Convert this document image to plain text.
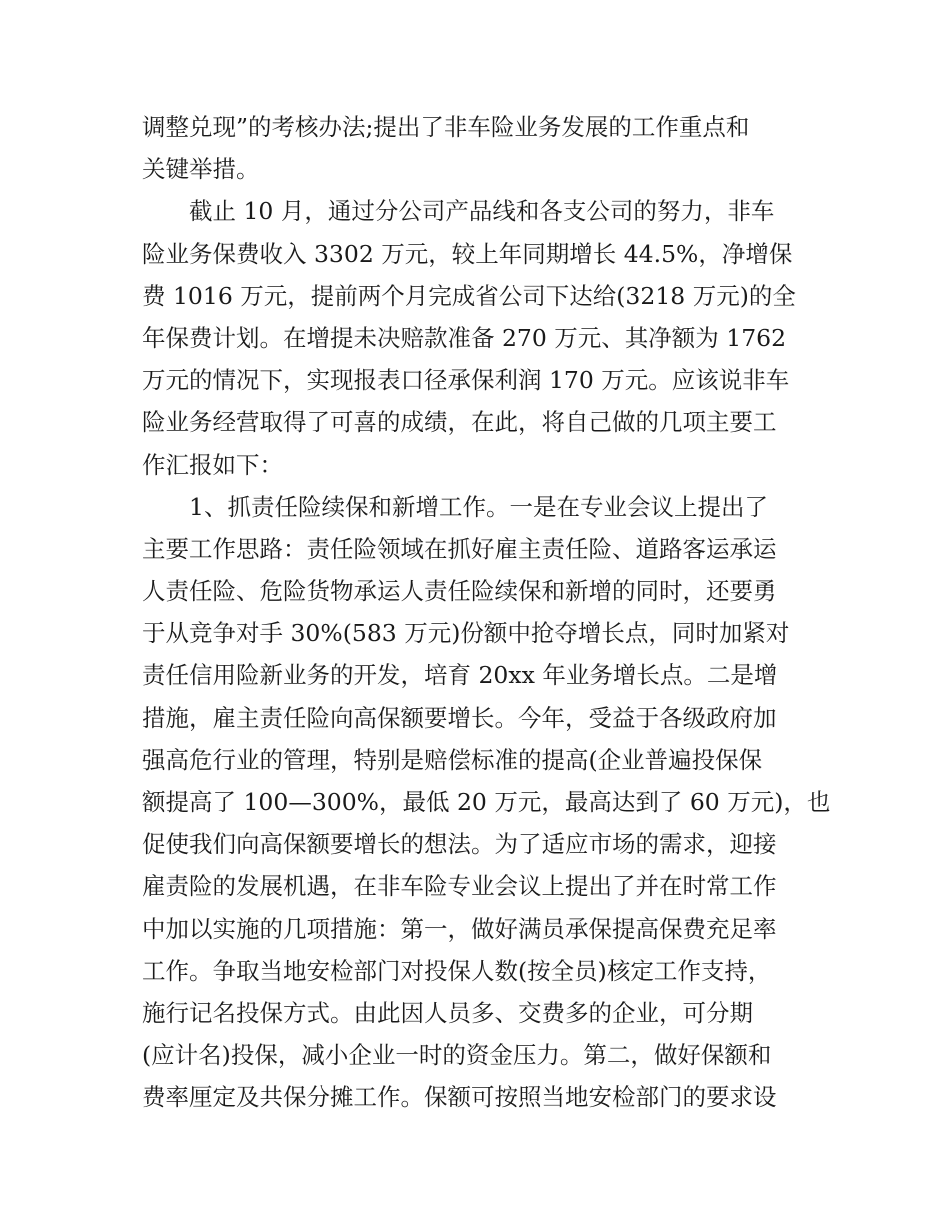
调整兑现”的考核办法;提出了非车险业务发展的工作重点和
关键举措。
截止 10 月，通过分公司产品线和各支公司的努力，非车
险业务保费收入 3302 万元，较上年同期增长 44.5%，净增保
费 1016 万元，提前两个月完成省公司下达给(3218 万元)的全
年保费计划。在增提未决赔款准备 270 万元、其净额为 1762
万元的情况下，实现报表口径承保利润 170 万元。应该说非车
险业务经营取得了可喜的成绩，在此，将自己做的几项主要工
作汇报如下：
1、抓责任险续保和新增工作。一是在专业会议上提出了
主要工作思路：责任险领域在抓好雇主责任险、道路客运承运
人责任险、危险货物承运人责任险续保和新增的同时，还要勇
于从竞争对手 30%(583 万元)份额中抢夺增长点，同时加紧对
责任信用险新业务的开发，培育 20xx 年业务增长点。二是增
措施，雇主责任险向高保额要增长。今年，受益于各级政府加
强高危行业的管理，特别是赔偿标准的提高(企业普遍投保保
额提高了 100—300%，最低 20 万元，最高达到了 60 万元)，也
促使我们向高保额要增长的想法。为了适应市场的需求，迎接
雇责险的发展机遇，在非车险专业会议上提出了并在时常工作
中加以实施的几项措施：第一，做好满员承保提高保费充足率
工作。争取当地安检部门对投保人数(按全员)核定工作支持，
施行记名投保方式。由此因人员多、交费多的企业，可分期
(应计名)投保，减小企业一时的资金压力。第二，做好保额和
费率厘定及共保分摊工作。保额可按照当地安检部门的要求设
